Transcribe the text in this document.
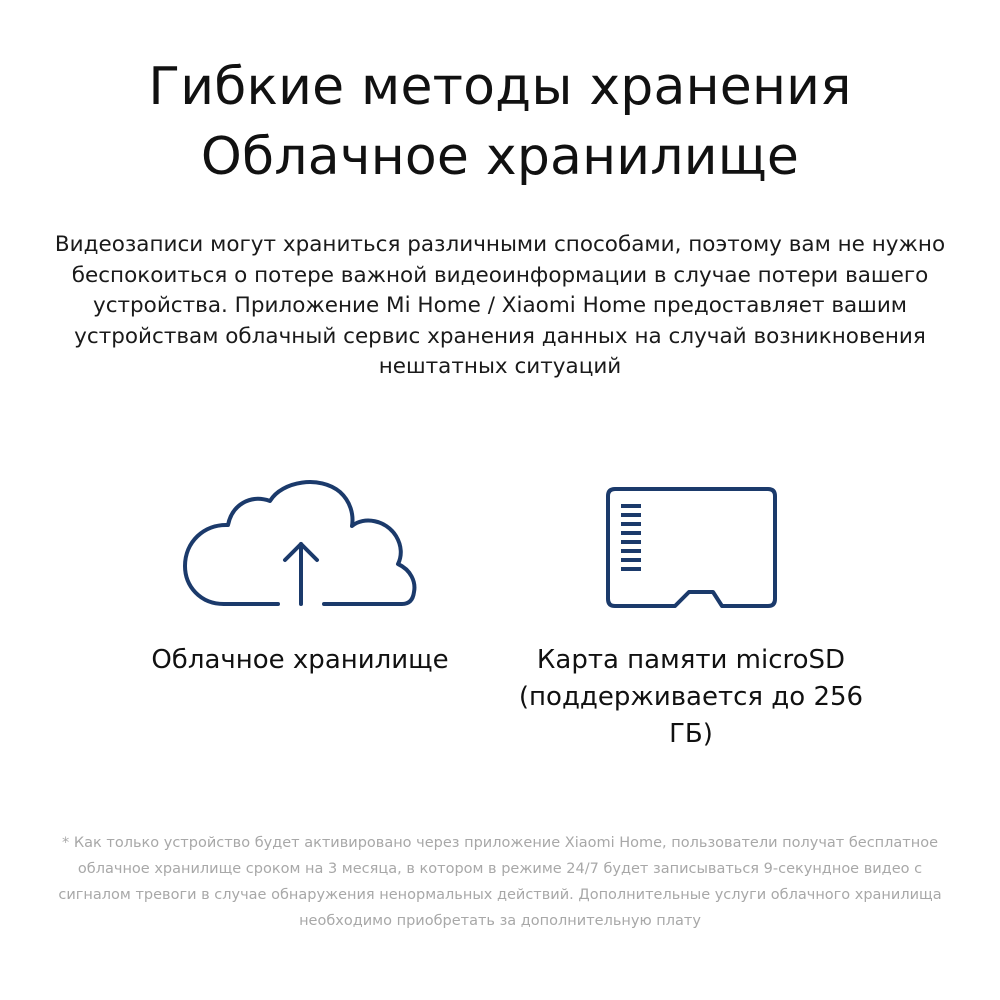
Гибкие методы хранения
Облачное хранилище
Видеозаписи могут храниться различными способами, поэтому вам не нужно беспокоиться о потере важной видеоинформации в случае потери вашего устройства. Приложение Mi Home / Xiaomi Home предоставляет вашим устройствам облачный сервис хранения данных на случай возникновения нештатных ситуаций
Облачное хранилище	Карта памяти microSD (поддерживается до 256 ГБ)
* Как только устройство будет активировано через приложение Xiaomi Home, пользователи получат бесплатное облачное хранилище сроком на 3 месяца, в котором в режиме 24/7 будет записываться 9-секундное видео с сигналом тревоги в случае обнаружения ненормальных действий. Дополнительные услуги облачного хранилища необходимо приобретать за дополнительную плату
